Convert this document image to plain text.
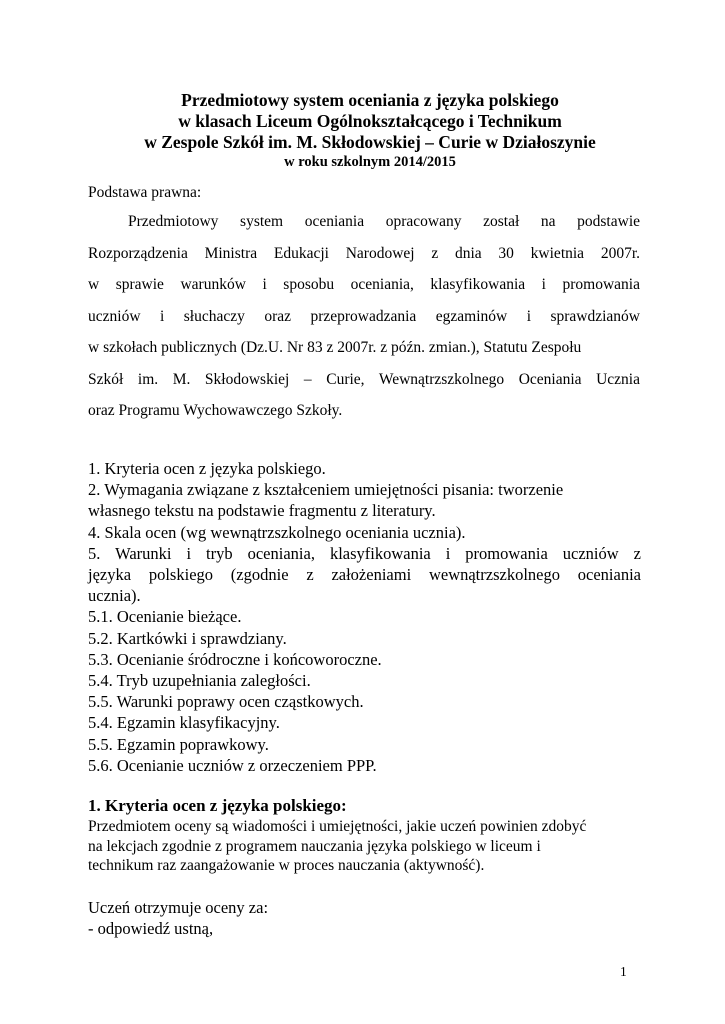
Przedmiotowy system oceniania z języka polskiego
w klasach Liceum Ogólnokształcącego i Technikum
w Zespole Szkół im. M. Skłodowskiej – Curie w Działoszynie
w roku szkolnym 2014/2015
Podstawa prawna:
Przedmiotowy system oceniania opracowany został na podstawie
Rozporządzenia Ministra Edukacji Narodowej z dnia 30 kwietnia 2007r.
w sprawie warunków i sposobu oceniania, klasyfikowania i promowania
uczniów i słuchaczy oraz przeprowadzania egzaminów i sprawdzianów
w szkołach publicznych (Dz.U. Nr 83 z 2007r. z późn. zmian.), Statutu Zespołu
Szkół im. M. Skłodowskiej – Curie, Wewnątrzszkolnego Oceniania Ucznia
oraz Programu Wychowawczego Szkoły.
1. Kryteria ocen z języka polskiego.
2. Wymagania związane z kształceniem umiejętności pisania: tworzenie
własnego tekstu na podstawie fragmentu z literatury.
4. Skala ocen (wg wewnątrzszkolnego oceniania ucznia).
5. Warunki i tryb oceniania, klasyfikowania i promowania uczniów z
języka polskiego (zgodnie z założeniami wewnątrzszkolnego oceniania
ucznia).
5.1. Ocenianie bieżące.
5.2. Kartkówki i sprawdziany.
5.3. Ocenianie śródroczne i końcoworoczne.
5.4. Tryb uzupełniania zaległości.
5.5. Warunki poprawy ocen cząstkowych.
5.4. Egzamin klasyfikacyjny.
5.5. Egzamin poprawkowy.
5.6. Ocenianie uczniów z orzeczeniem PPP.
1. Kryteria ocen z języka polskiego:
Przedmiotem oceny są wiadomości i umiejętności, jakie uczeń powinien zdobyć
na lekcjach zgodnie z programem nauczania języka polskiego w liceum i
technikum raz zaangażowanie w proces nauczania (aktywność).
Uczeń otrzymuje oceny za:
- odpowiedź ustną,
1
